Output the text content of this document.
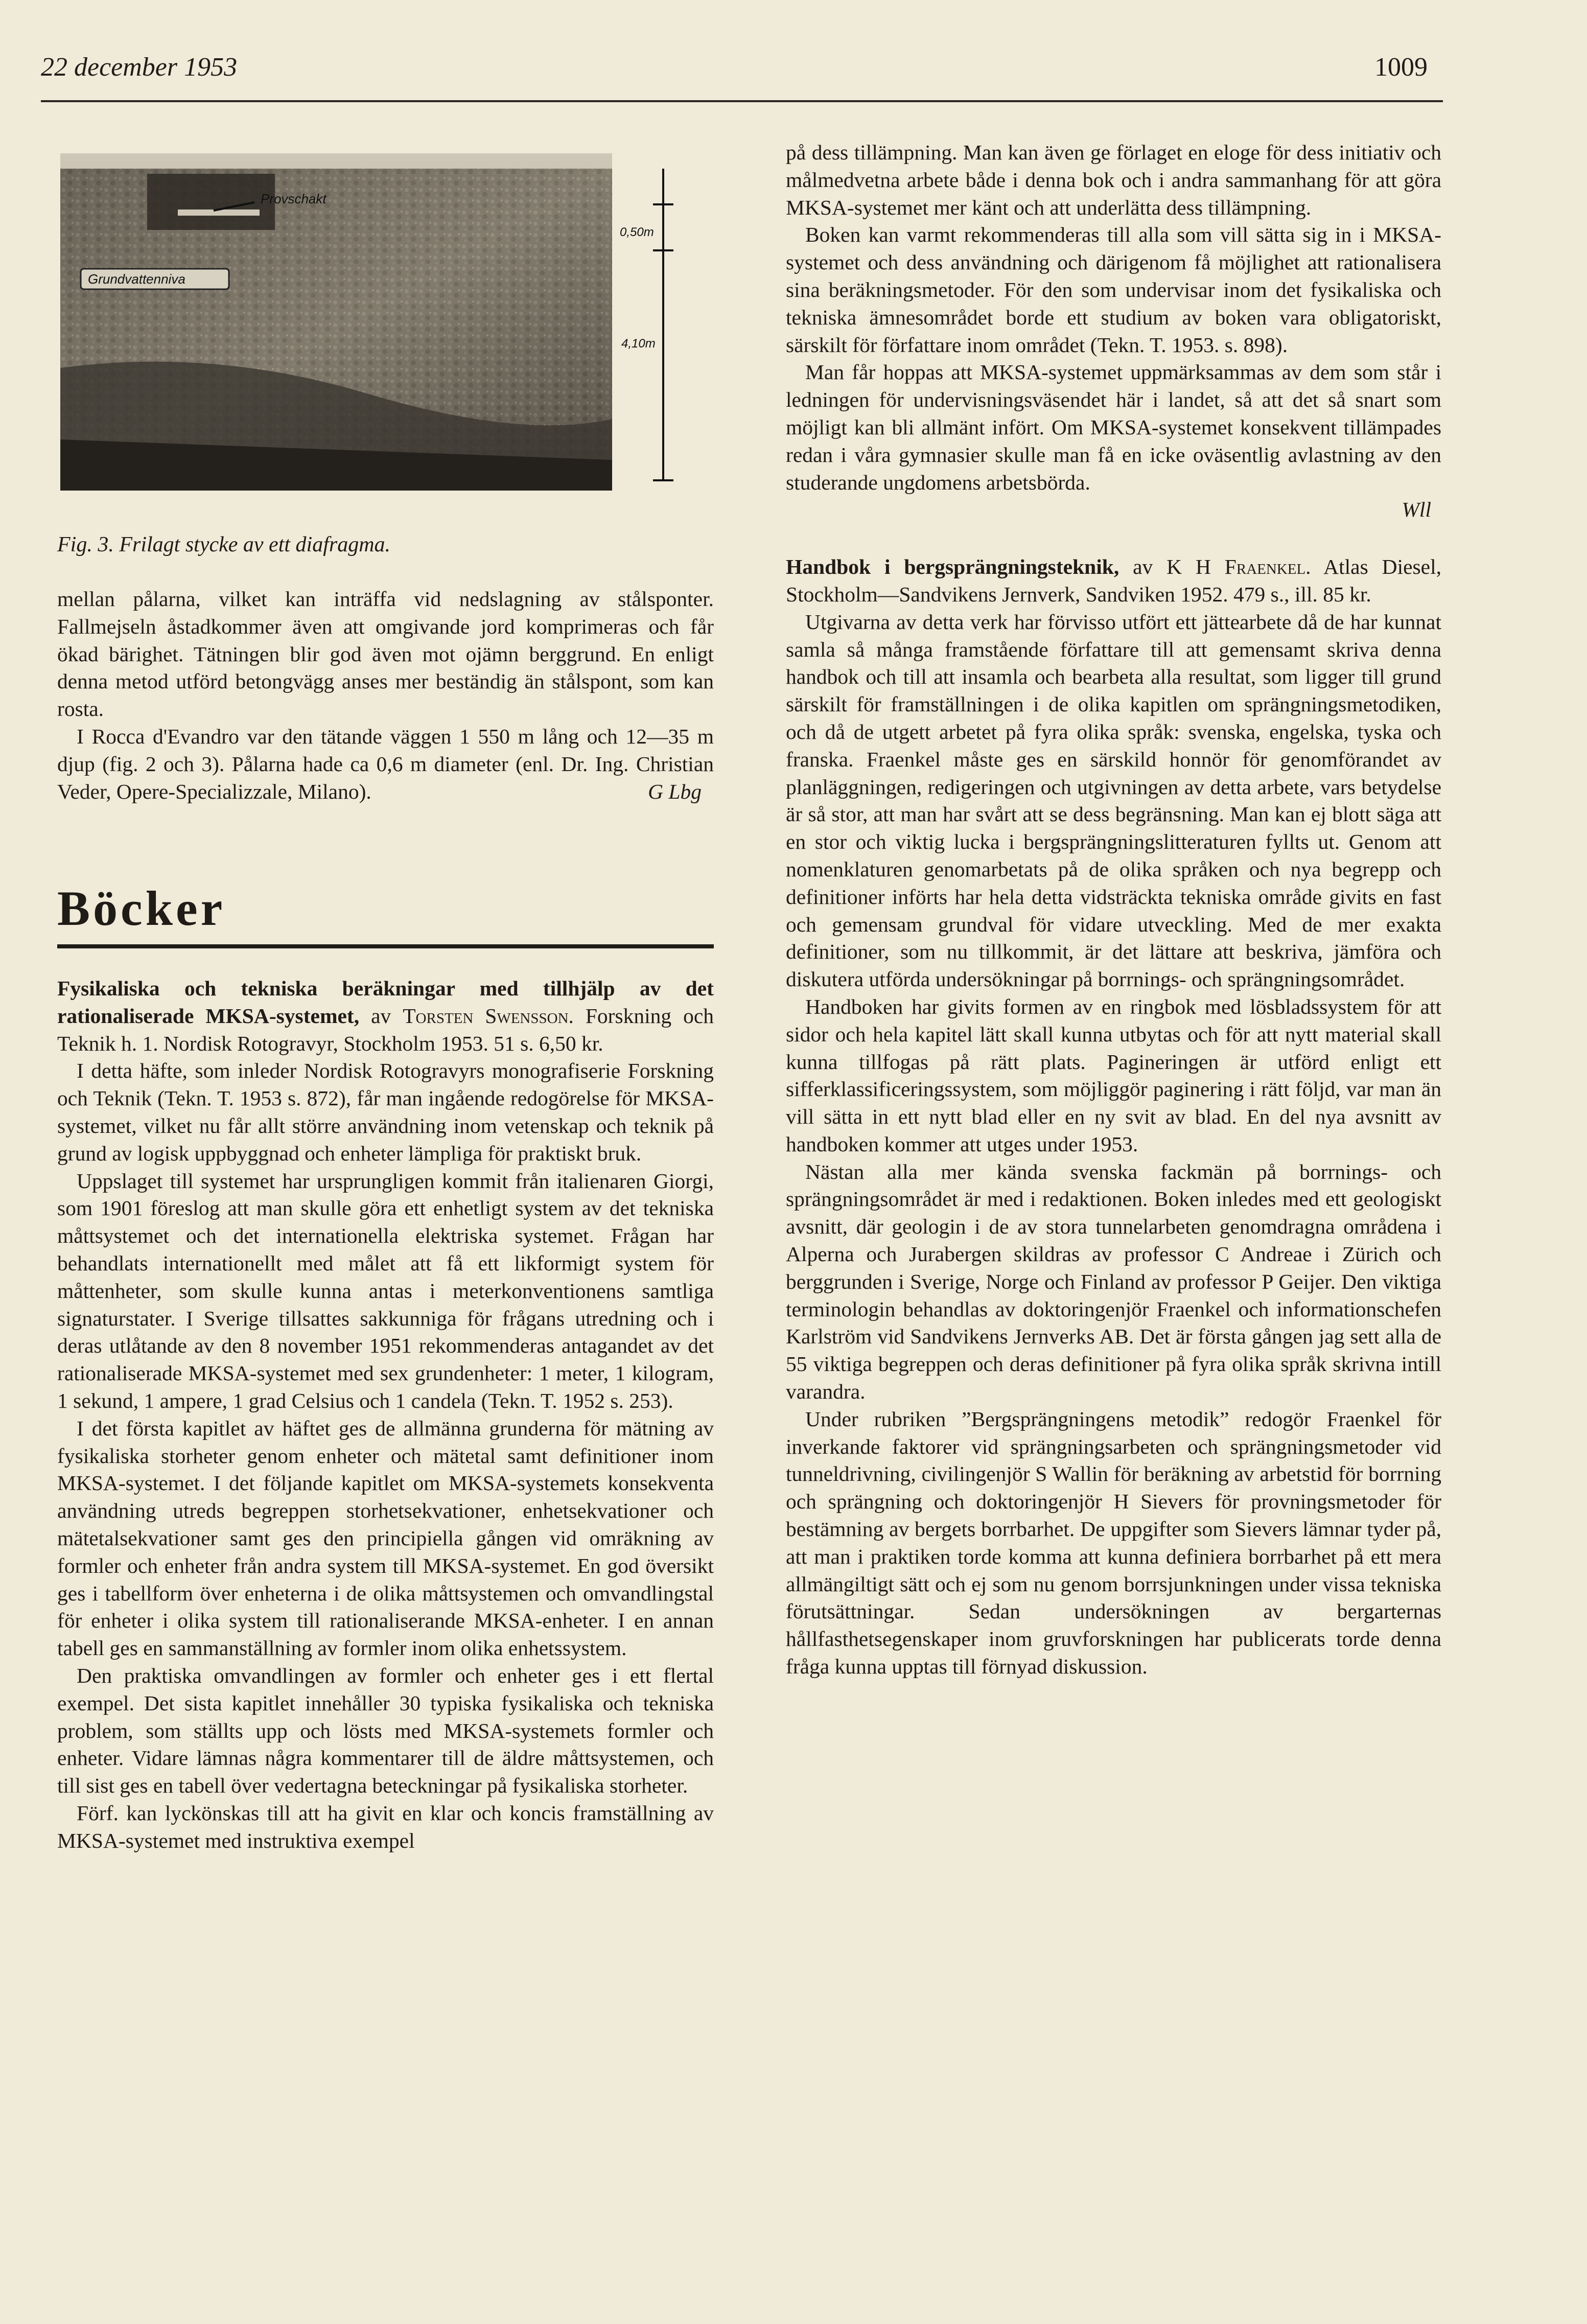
22 december 1953	1009
Provschakt
Grundvattenniva
0,50m
4,10m
Fig. 3. Frilagt stycke av ett diafragma.

mellan pålarna, vilket kan inträffa vid nedslagning av stålsponter. Fallmejseln åstadkommer även att omgivande jord komprimeras och får ökad bärighet. Tätningen blir god även mot ojämn berggrund. En enligt denna metod utförd betongvägg anses mer beständig än stålspont, som kan rosta.

I Rocca d'Evandro var den tätande väggen 1 550 m lång och 12—35 m djup (fig. 2 och 3). Pålarna hade ca 0,6 m diameter (enl. Dr. Ing. Christian Veder, Opere-Specializzale, Milano).	G Lbg

Böcker

Fysikaliska och tekniska beräkningar med tillhjälp av det rationaliserade MKSA-systemet, av Torsten Swensson. Forskning och Teknik h. 1. Nordisk Rotogravyr, Stockholm 1953. 51 s. 6,50 kr.

I detta häfte, som inleder Nordisk Rotogravyrs monografiserie Forskning och Teknik (Tekn. T. 1953 s. 872), får man ingående redogörelse för MKSA-systemet, vilket nu får allt större användning inom vetenskap och teknik på grund av logisk uppbyggnad och enheter lämpliga för praktiskt bruk.

Uppslaget till systemet har ursprungligen kommit från italienaren Giorgi, som 1901 föreslog att man skulle göra ett enhetligt system av det tekniska måttsystemet och det internationella elektriska systemet. Frågan har behandlats internationellt med målet att få ett likformigt system för måttenheter, som skulle kunna antas i meterkonventionens samtliga signaturstater. I Sverige tillsattes sakkunniga för frågans utredning och i deras utlåtande av den 8 november 1951 rekommenderas antagandet av det rationaliserade MKSA-systemet med sex grundenheter: 1 meter, 1 kilogram, 1 sekund, 1 ampere, 1 grad Celsius och 1 candela (Tekn. T. 1952 s. 253).

I det första kapitlet av häftet ges de allmänna grunderna för mätning av fysikaliska storheter genom enheter och mätetal samt definitioner inom MKSA-systemet. I det följande kapitlet om MKSA-systemets konsekventa användning utreds begreppen storhetsekvationer, enhetsekvationer och mätetalsekvationer samt ges den principiella gången vid omräkning av formler och enheter från andra system till MKSA-systemet. En god översikt ges i tabellform över enheterna i de olika måttsystemen och omvandlingstal för enheter i olika system till rationaliserande MKSA-enheter. I en annan tabell ges en sammanställning av formler inom olika enhetssystem.

Den praktiska omvandlingen av formler och enheter ges i ett flertal exempel. Det sista kapitlet innehåller 30 typiska fysikaliska och tekniska problem, som ställts upp och lösts med MKSA-systemets formler och enheter. Vidare lämnas några kommentarer till de äldre måttsystemen, och till sist ges en tabell över vedertagna beteckningar på fysikaliska storheter.

Förf. kan lyckönskas till att ha givit en klar och koncis framställning av MKSA-systemet med instruktiva exempel

på dess tillämpning. Man kan även ge förlaget en eloge för dess initiativ och målmedvetna arbete både i denna bok och i andra sammanhang för att göra MKSA-systemet mer känt och att underlätta dess tillämpning.

Boken kan varmt rekommenderas till alla som vill sätta sig in i MKSA-systemet och dess användning och därigenom få möjlighet att rationalisera sina beräkningsmetoder. För den som undervisar inom det fysikaliska och tekniska ämnesområdet borde ett studium av boken vara obligatoriskt, särskilt för författare inom området (Tekn. T. 1953. s. 898).

Man får hoppas att MKSA-systemet uppmärksammas av dem som står i ledningen för undervisningsväsendet här i landet, så att det så snart som möjligt kan bli allmänt infört. Om MKSA-systemet konsekvent tillämpades redan i våra gymnasier skulle man få en icke oväsentlig avlastning av den studerande ungdomens arbetsbörda.

Wll

Handbok i bergsprängningsteknik, av K H Fraenkel. Atlas Diesel, Stockholm—Sandvikens Jernverk, Sandviken 1952. 479 s., ill. 85 kr.

Utgivarna av detta verk har förvisso utfört ett jättearbete då de har kunnat samla så många framstående författare till att gemensamt skriva denna handbok och till att insamla och bearbeta alla resultat, som ligger till grund särskilt för framställningen i de olika kapitlen om sprängningsmetodiken, och då de utgett arbetet på fyra olika språk: svenska, engelska, tyska och franska. Fraenkel måste ges en särskild honnör för genomförandet av planläggningen, redigeringen och utgivningen av detta arbete, vars betydelse är så stor, att man har svårt att se dess begränsning. Man kan ej blott säga att en stor och viktig lucka i bergsprängningslitteraturen fyllts ut. Genom att nomenklaturen genomarbetats på de olika språken och nya begrepp och definitioner införts har hela detta vidsträckta tekniska område givits en fast och gemensam grundval för vidare utveckling. Med de mer exakta definitioner, som nu tillkommit, är det lättare att beskriva, jämföra och diskutera utförda undersökningar på borrnings- och sprängningsområdet.

Handboken har givits formen av en ringbok med lösbladssystem för att sidor och hela kapitel lätt skall kunna utbytas och för att nytt material skall kunna tillfogas på rätt plats. Pagineringen är utförd enligt ett sifferklassificeringssystem, som möjliggör paginering i rätt följd, var man än vill sätta in ett nytt blad eller en ny svit av blad. En del nya avsnitt av handboken kommer att utges under 1953.

Nästan alla mer kända svenska fackmän på borrnings- och sprängningsområdet är med i redaktionen. Boken inledes med ett geologiskt avsnitt, där geologin i de av stora tunnelarbeten genomdragna områdena i Alperna och Jurabergen skildras av professor C Andreae i Zürich och berggrunden i Sverige, Norge och Finland av professor P Geijer. Den viktiga terminologin behandlas av doktoringenjör Fraenkel och informationschefen Karlström vid Sandvikens Jernverks AB. Det är första gången jag sett alla de 55 viktiga begreppen och deras definitioner på fyra olika språk skrivna intill varandra.

Under rubriken ”Bergsprängningens metodik” redogör Fraenkel för inverkande faktorer vid sprängningsarbeten och sprängningsmetoder vid tunneldrivning, civilingenjör S Wallin för beräkning av arbetstid för borrning och sprängning och doktoringenjör H Sievers för provningsmetoder för bestämning av bergets borrbarhet. De uppgifter som Sievers lämnar tyder på, att man i praktiken torde komma att kunna definiera borrbarhet på ett mera allmängiltigt sätt och ej som nu genom borrsjunkningen under vissa tekniska förutsättningar. Sedan undersökningen av bergarternas hållfasthetsegenskaper inom gruvforskningen har publicerats torde denna fråga kunna upptas till förnyad diskussion.
